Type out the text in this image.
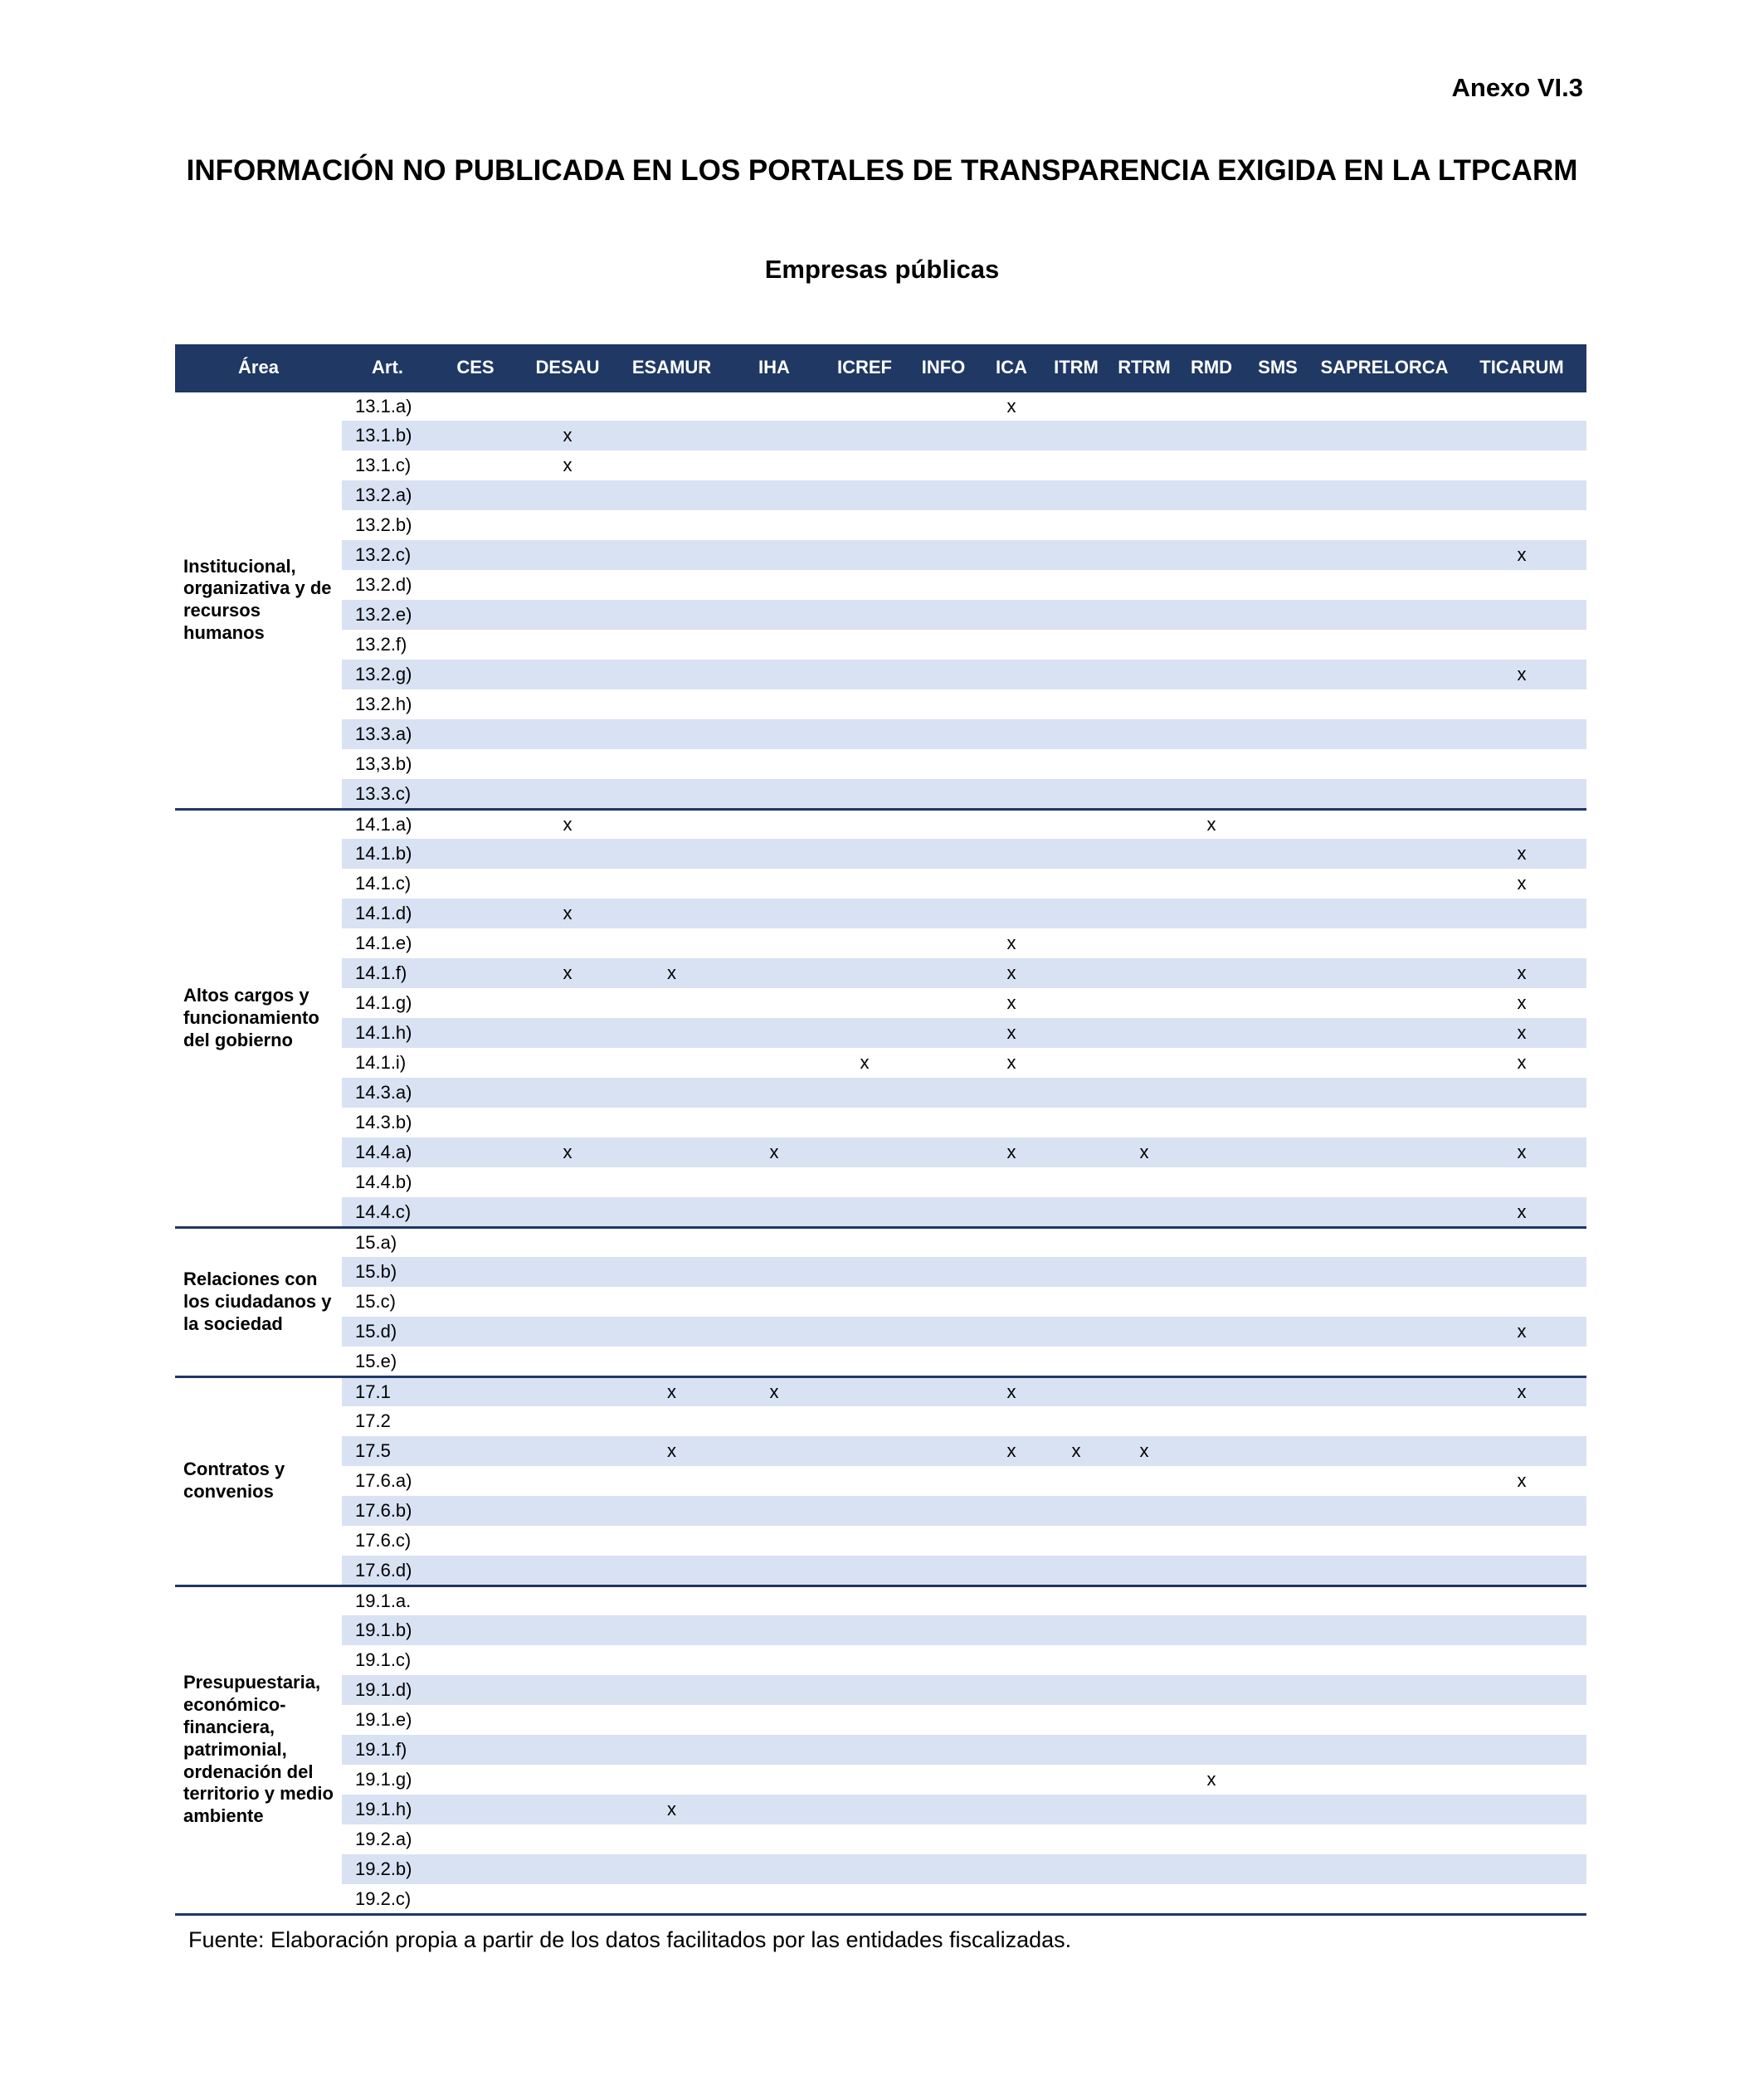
Anexo VI.3
INFORMACIÓN NO PUBLICADA EN LOS PORTALES DE TRANSPARENCIA EXIGIDA EN LA LTPCARM
Empresas públicas
Área	Art.	CES	DESAU	ESAMUR	IHA	ICREF	INFO	ICA	ITRM	RTRM	RMD	SMS	SAPRELORCA	TICARUM
Institucional, organizativa y de recursos humanos	13.1.a)							x						
	13.1.b)		x											
	13.1.c)		x											
	13.2.a)													
	13.2.b)													
	13.2.c)													x
	13.2.d)													
	13.2.e)													
	13.2.f)													
	13.2.g)													x
	13.2.h)													
	13.3.a)													
	13,3.b)													
	13.3.c)													
Altos cargos y funcionamiento del gobierno	14.1.a)		x								x			
	14.1.b)													x
	14.1.c)													x
	14.1.d)		x											
	14.1.e)							x						
	14.1.f)		x	x				x						x
	14.1.g)							x						x
	14.1.h)							x						x
	14.1.i)					x		x						x
	14.3.a)													
	14.3.b)													
	14.4.a)		x		x			x		x				x
	14.4.b)													
	14.4.c)													x
Relaciones con los ciudadanos y la sociedad	15.a)													
	15.b)													
	15.c)													
	15.d)													x
	15.e)													
Contratos y convenios	17.1			x	x			x						x
	17.2													
	17.5			x				x	x	x				
	17.6.a)													x
	17.6.b)													
	17.6.c)													
	17.6.d)													
Presupuestaria, económico-financiera, patrimonial, ordenación del territorio y medio ambiente	19.1.a.													
	19.1.b)													
	19.1.c)													
	19.1.d)													
	19.1.e)													
	19.1.f)													
	19.1.g)										x			
	19.1.h)			x										
	19.2.a)													
	19.2.b)													
	19.2.c)													
Fuente: Elaboración propia a partir de los datos facilitados por las entidades fiscalizadas.
